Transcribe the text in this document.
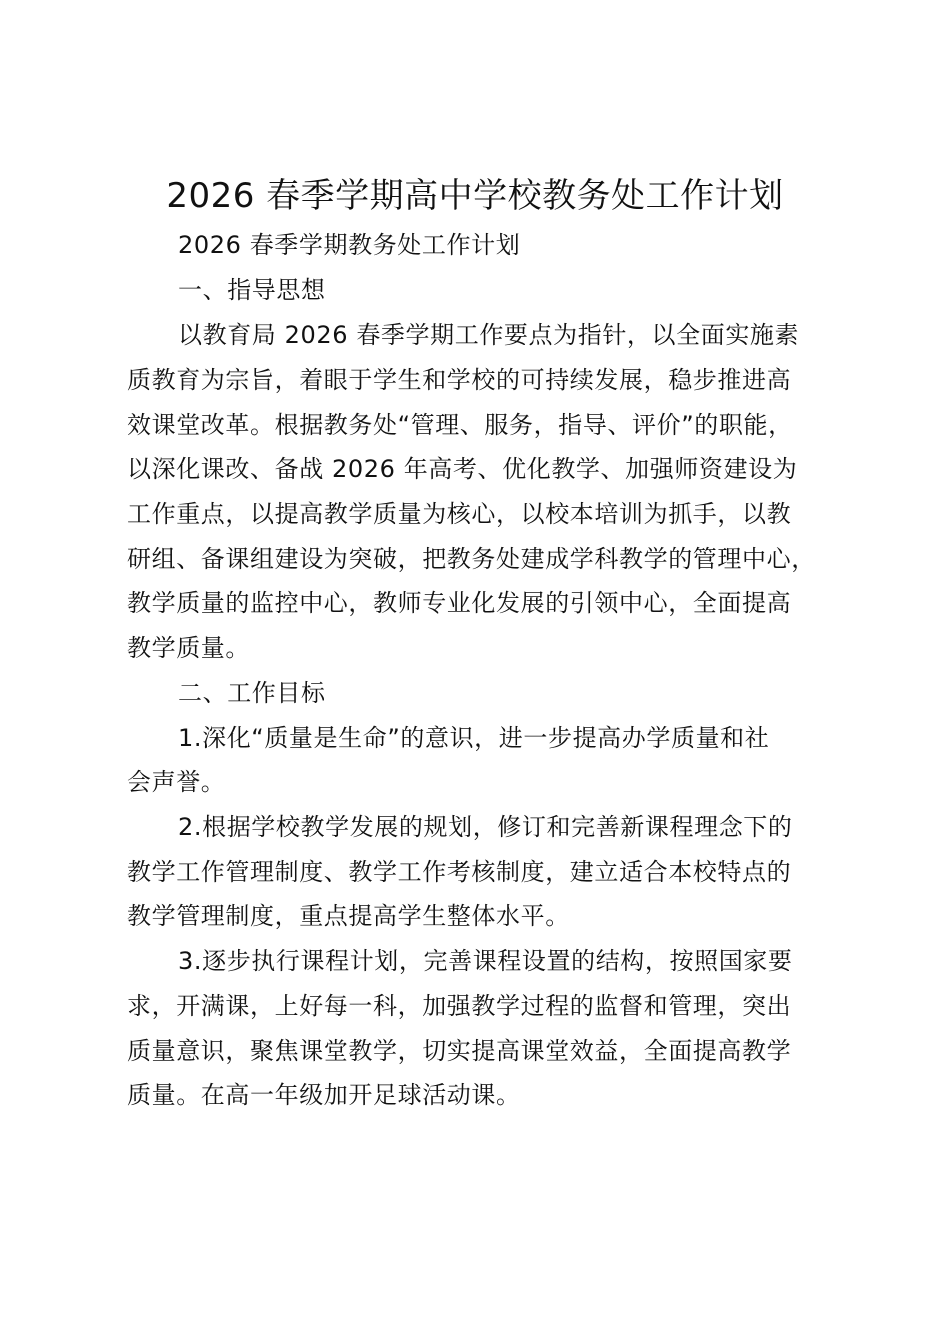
2026 春季学期高中学校教务处工作计划
2026 春季学期教务处工作计划
一、指导思想
以教育局 2026 春季学期工作要点为指针，以全面实施素
质教育为宗旨，着眼于学生和学校的可持续发展，稳步推进高
效课堂改革。根据教务处“管理、服务，指导、评价”的职能，
以深化课改、备战 2026 年高考、优化教学、加强师资建设为
工作重点，以提高教学质量为核心，以校本培训为抓手，以教
研组、备课组建设为突破，把教务处建成学科教学的管理中心，
教学质量的监控中心，教师专业化发展的引领中心，全面提高
教学质量。
二、工作目标
1.深化“质量是生命”的意识，进一步提高办学质量和社
会声誉。
2.根据学校教学发展的规划，修订和完善新课程理念下的
教学工作管理制度、教学工作考核制度，建立适合本校特点的
教学管理制度，重点提高学生整体水平。
3.逐步执行课程计划，完善课程设置的结构，按照国家要
求，开满课，上好每一科，加强教学过程的监督和管理，突出
质量意识，聚焦课堂教学，切实提高课堂效益，全面提高教学
质量。在高一年级加开足球活动课。
